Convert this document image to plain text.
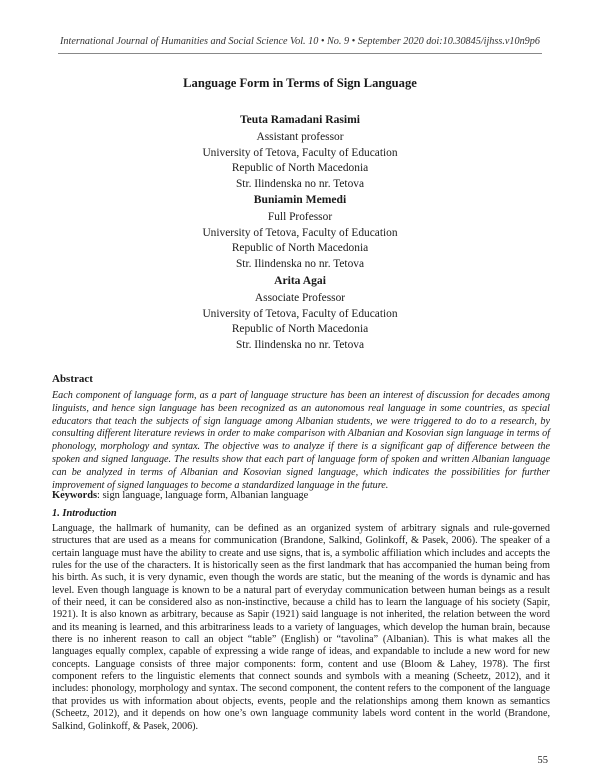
International Journal of Humanities and Social Science Vol. 10 • No. 9 • September 2020 doi:10.30845/ijhss.v10n9p6
Language Form in Terms of Sign Language
Teuta Ramadani Rasimi
Assistant professor
University of Tetova, Faculty of Education
Republic of North Macedonia
Str. Ilindenska no nr. Tetova
Buniamin Memedi
Full Professor
University of Tetova, Faculty of Education
Republic of North Macedonia
Str. Ilindenska no nr. Tetova
Arita Agai
Associate Professor
University of Tetova, Faculty of Education
Republic of North Macedonia
Str. Ilindenska no nr. Tetova
Abstract
Each component of language form, as a part of language structure has been an interest of discussion for decades among linguists, and hence sign language has been recognized as an autonomous real language in some countries, as special educators that teach the subjects of sign language among Albanian students, we were triggered to do to a research, by consulting different literature reviews in order to make comparison with Albanian and Kosovian sign language in terms of phonology, morphology and syntax. The objective was to analyze if there is a significant gap of difference between the spoken and signed language. The results show that each part of language form of spoken and written Albanian language can be analyzed in terms of Albanian and Kosovian signed language, which indicates the possibilities for further improvement of signed languages to become a standardized language in the future.
Keywords: sign language, language form, Albanian language
1. Introduction
Language, the hallmark of humanity, can be defined as an organized system of arbitrary signals and rule-governed structures that are used as a means for communication (Brandone, Salkind, Golinkoff, & Pasek, 2006). The speaker of a certain language must have the ability to create and use signs, that is, a symbolic affiliation which includes and accepts the rules for the use of the characters. It is historically seen as the first landmark that has accompanied the human being from his birth. As such, it is very dynamic, even though the words are static, but the meaning of the words is dynamic and has level. Even though language is known to be a natural part of everyday communication between human beings as a result of their need, it can be considered also as non-instinctive, because a child has to learn the language of his society (Sapir, 1921). It is also known as arbitrary, because as Sapir (1921) said language is not inherited, the relation between the word and its meaning is learned, and this arbitrariness leads to a variety of languages, which develop the human brain, because there is no inherent reason to call an object “table” (English) or “tavolina” (Albanian). This is what makes all the languages equally complex, capable of expressing a wide range of ideas, and expandable to include a new word for new concepts. Language consists of three major components: form, content and use (Bloom & Lahey, 1978). The first component refers to the linguistic elements that connect sounds and symbols with a meaning (Scheetz, 2012), and it includes: phonology, morphology and syntax. The second component, the content refers to the component of the language that provides us with information about objects, events, people and the relationships among them known as semantics (Scheetz, 2012), and it depends on how one’s own language community labels word content in the world (Brandone, Salkind, Golinkoff, & Pasek, 2006).
55
